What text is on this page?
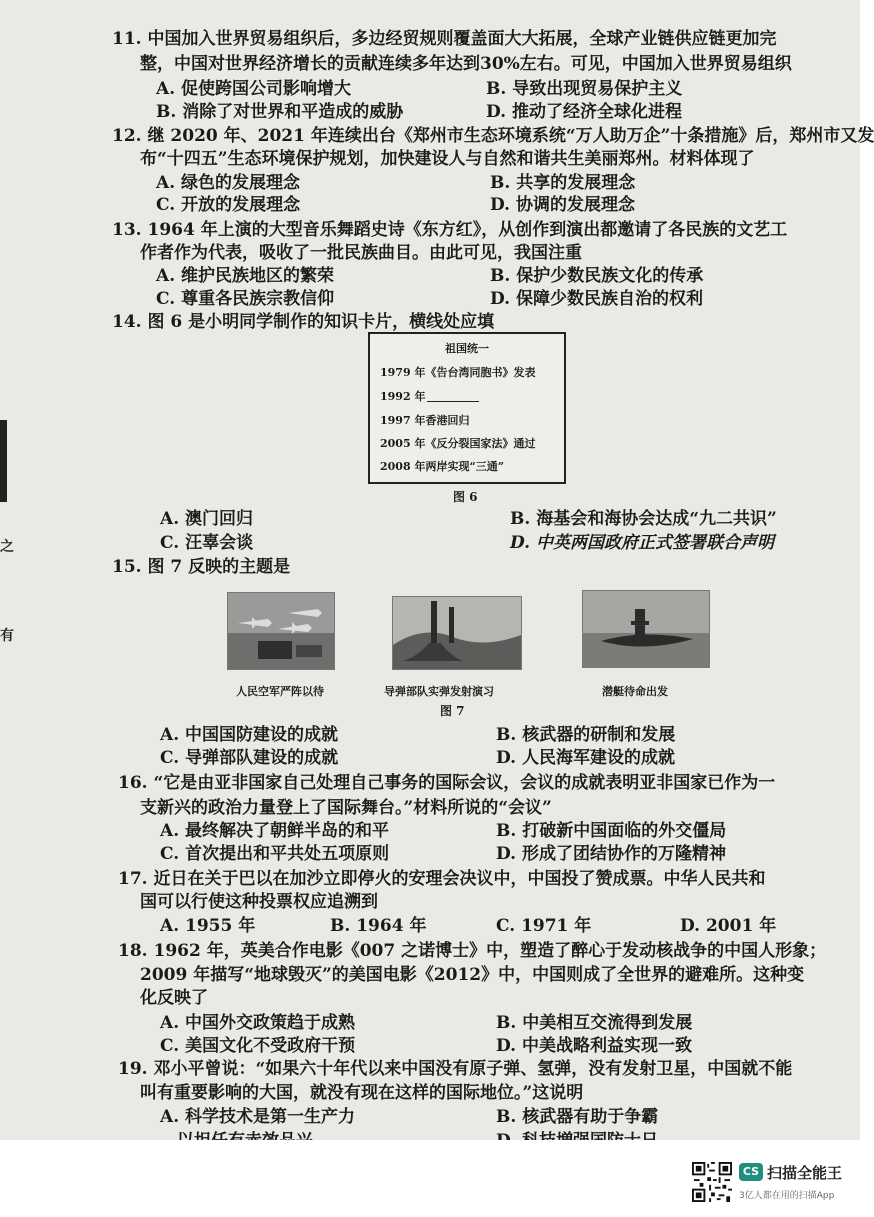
之
有
11. 中国加入世界贸易组织后，多边经贸规则覆盖面大大拓展，全球产业链供应链更加完
整，中国对世界经济增长的贡献连续多年达到30%左右。可见，中国加入世界贸易组织
A. 促使跨国公司影响增大	B. 导致出现贸易保护主义
B. 消除了对世界和平造成的威胁	D. 推动了经济全球化进程
12. 继 2020 年、2021 年连续出台《郑州市生态环境系统“万人助万企”十条措施》后，郑州市又发
布“十四五”生态环境保护规划，加快建设人与自然和谐共生美丽郑州。材料体现了
A. 绿色的发展理念	B. 共享的发展理念
C. 开放的发展理念	D. 协调的发展理念
13. 1964 年上演的大型音乐舞蹈史诗《东方红》，从创作到演出都邀请了各民族的文艺工
作者作为代表，吸收了一批民族曲目。由此可见，我国注重
A. 维护民族地区的繁荣	B. 保护少数民族文化的传承
C. 尊重各民族宗教信仰	D. 保障少数民族自治的权利
14. 图 6 是小明同学制作的知识卡片，横线处应填
祖国统一
1979 年《告台湾同胞书》发表
1992 年
1997 年香港回归
2005 年《反分裂国家法》通过
2008 年两岸实现“三通”
图 6
A. 澳门回归	B. 海基会和海协会达成“九二共识”
C. 汪辜会谈	D. 中英两国政府正式签署联合声明
15. 图 7 反映的主题是
人民空军严阵以待	导弹部队实弹发射演习	潜艇待命出发
图 7
A. 中国国防建设的成就	B. 核武器的研制和发展
C. 导弹部队建设的成就	D. 人民海军建设的成就
16. “它是由亚非国家自己处理自己事务的国际会议，会议的成就表明亚非国家已作为一
支新兴的政治力量登上了国际舞台。”材料所说的“会议”
A. 最终解决了朝鲜半岛的和平	B. 打破新中国面临的外交僵局
C. 首次提出和平共处五项原则	D. 形成了团结协作的万隆精神
17. 近日在关于巴以在加沙立即停火的安理会决议中，中国投了赞成票。中华人民共和
国可以行使这种投票权应追溯到
A. 1955 年	B. 1964 年	C. 1971 年	D. 2001 年
18. 1962 年，英美合作电影《007 之诺博士》中，塑造了醉心于发动核战争的中国人形象；
2009 年描写“地球毁灭”的美国电影《2012》中，中国则成了全世界的避难所。这种变
化反映了
A. 中国外交政策趋于成熟	B. 中美相互交流得到发展
C. 美国文化不受政府干预	D. 中美战略利益实现一致
19. 邓小平曾说：“如果六十年代以来中国没有原子弹、氢弹，没有发射卫星，中国就不能
叫有重要影响的大国，就没有现在这样的国际地位。”这说明
A. 科学技术是第一生产力	B. 核武器有助于争霸
CS 扫描全能王
3亿人都在用的扫描App
